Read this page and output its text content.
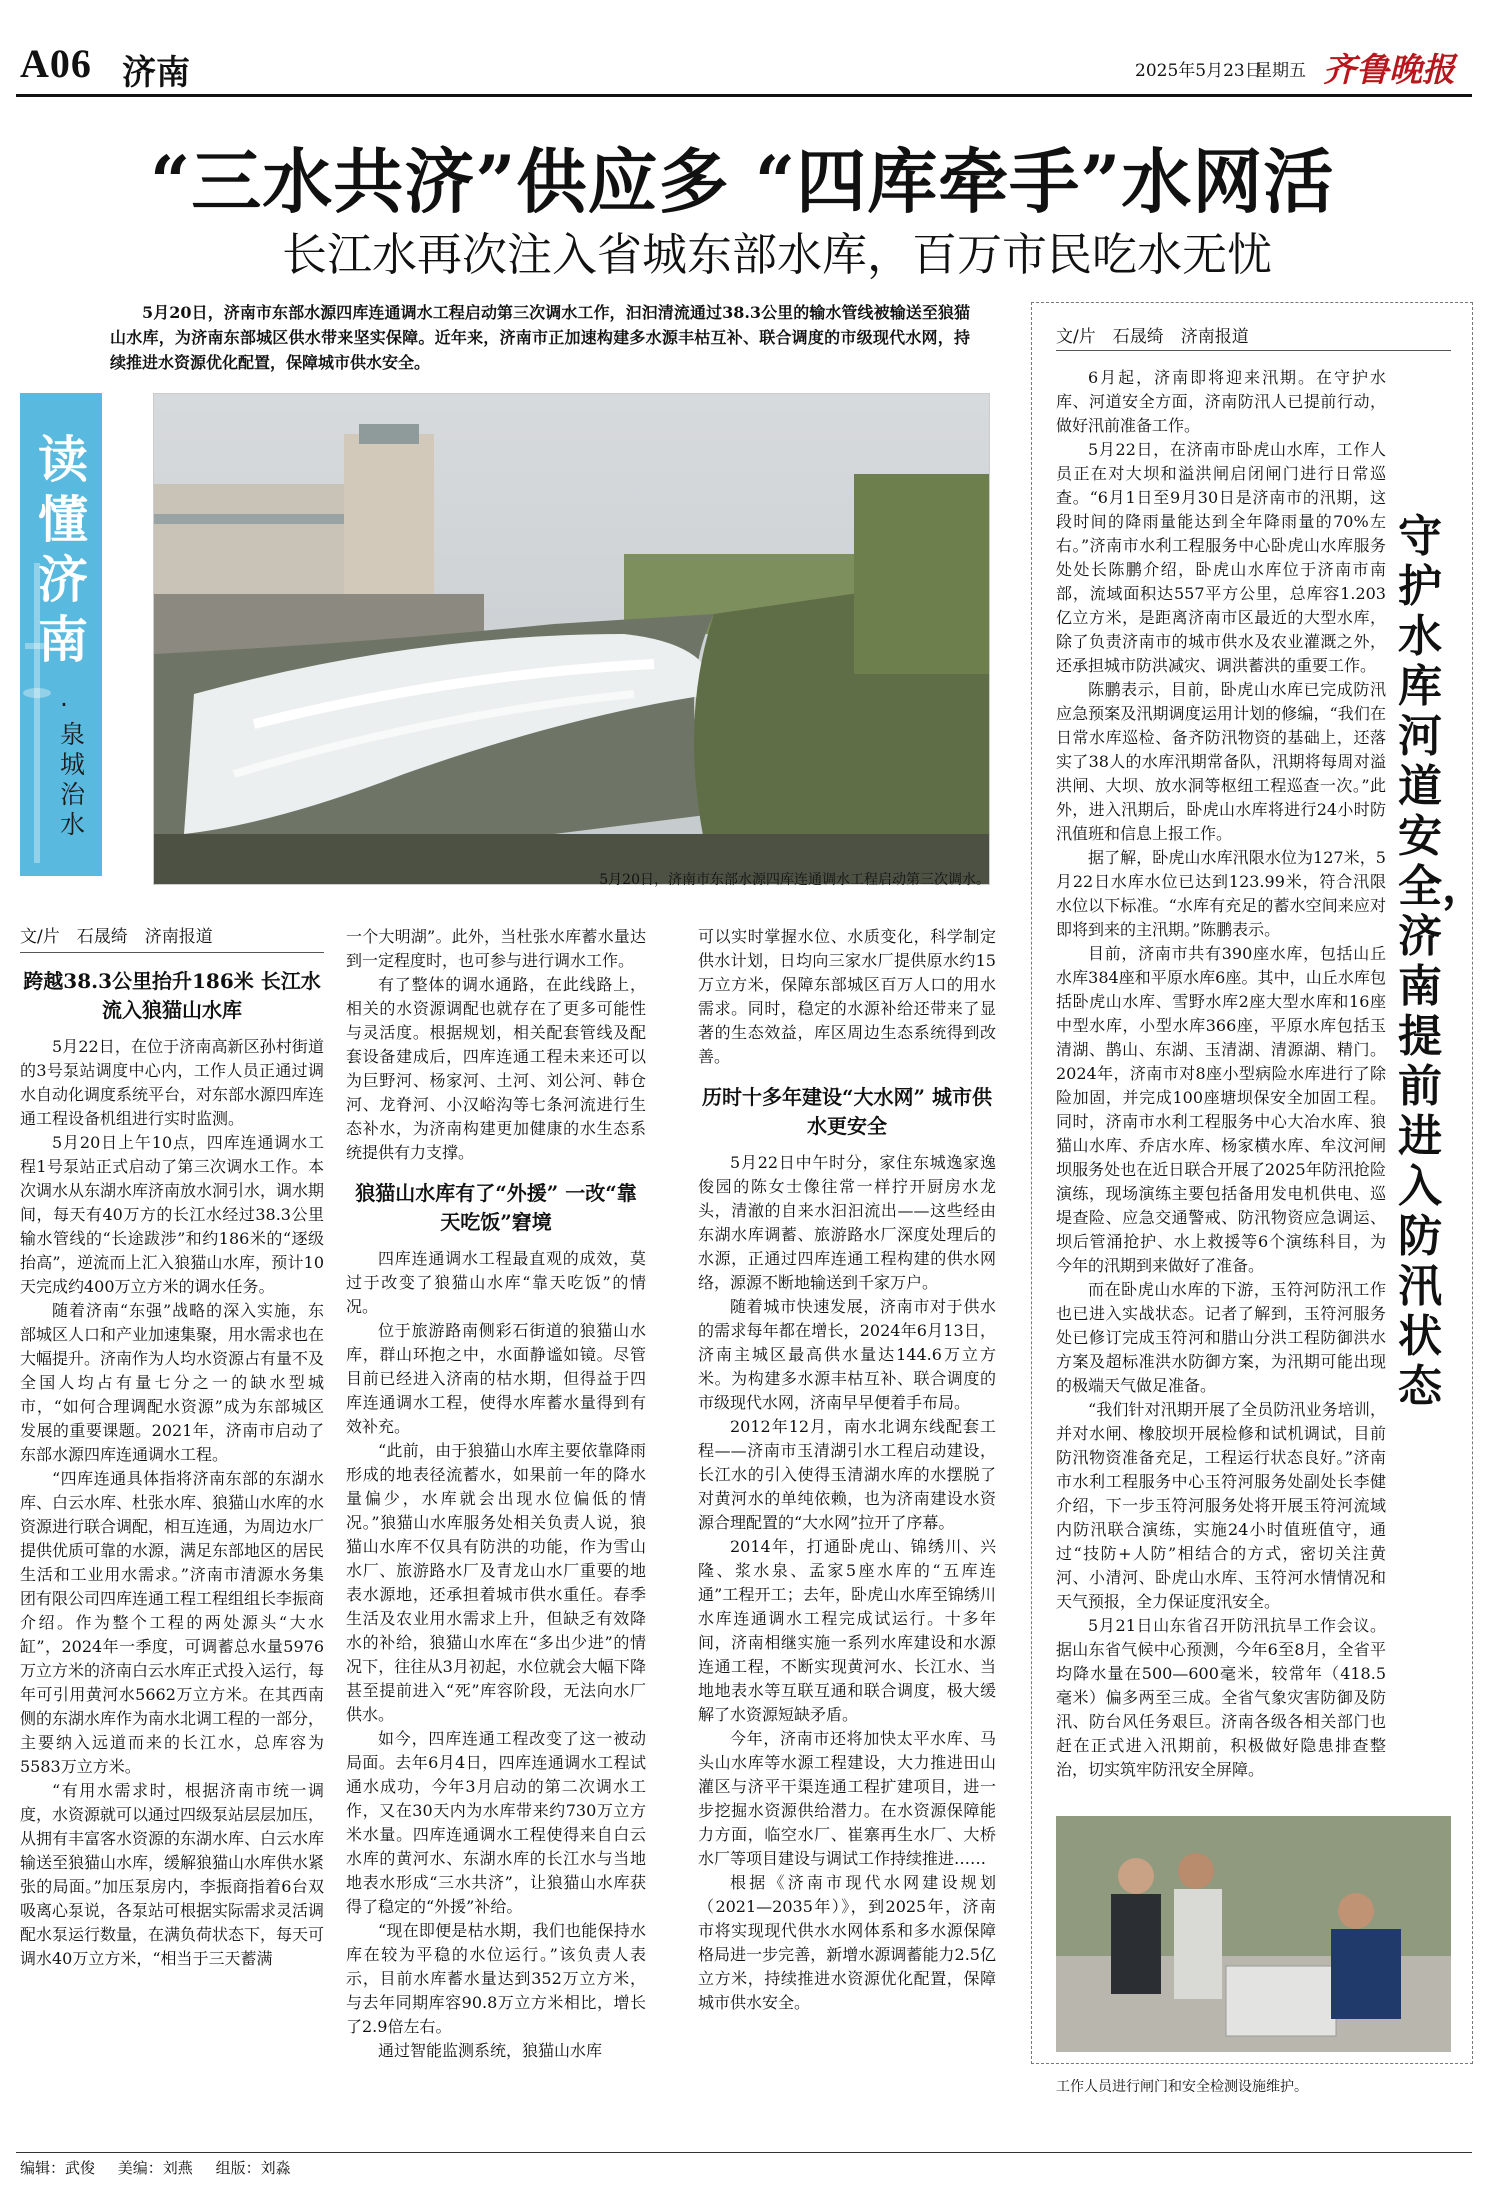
A06 济南	2025年5月23日
星期五 齐鲁晚报
“三水共济”供应多 “四库牵手”水网活
长江水再次注入省城东部水库，百万市民吃水无忧

5月20日，济南市东部水源四库连通调水工程启动第三次调水工作，汩汩清流通过38.3公里的输水管线被输送至狼猫山水库，为济南东部城区供水带来坚实保障。近年来，济南市正加速构建多水源丰枯互补、联合调度的市级现代水网，持续推进水资源优化配置，保障城市供水安全。

读懂济南
·泉城治水
5月20日，济南市东部水源四库连通调水工程启动第三次调水。
文/片　石晟绮　济南报道
跨越38.3公里抬升186米 长江水流入狼猫山水库

5月22日，在位于济南高新区孙村街道的3号泵站调度中心内，工作人员正通过调水自动化调度系统平台，对东部水源四库连通工程设备机组进行实时监测。

5月20日上午10点，四库连通调水工程1号泵站正式启动了第三次调水工作。本次调水从东湖水库济南放水洞引水，调水期间，每天有40万方的长江水经过38.3公里输水管线的“长途跋涉”和约186米的“逐级抬高”，逆流而上汇入狼猫山水库，预计10天完成约400万立方米的调水任务。

随着济南“东强”战略的深入实施，东部城区人口和产业加速集聚，用水需求也在大幅提升。济南作为人均水资源占有量不及全国人均占有量七分之一的缺水型城市，“如何合理调配水资源”成为东部城区发展的重要课题。2021年，济南市启动了东部水源四库连通调水工程。

“四库连通具体指将济南东部的东湖水库、白云水库、杜张水库、狼猫山水库的水资源进行联合调配，相互连通，为周边水厂提供优质可靠的水源，满足东部地区的居民生活和工业用水需求。”济南市清源水务集团有限公司四库连通工程工程组组长李振商介绍。作为整个工程的两处源头“大水缸”，2024年一季度，可调蓄总水量5976万立方米的济南白云水库正式投入运行，每年可引用黄河水5662万立方米。在其西南侧的东湖水库作为南水北调工程的一部分，主要纳入远道而来的长江水，总库容为5583万立方米。

“有用水需求时，根据济南市统一调度，水资源就可以通过四级泵站层层加压，从拥有丰富客水资源的东湖水库、白云水库输送至狼猫山水库，缓解狼猫山水库供水紧张的局面。”加压泵房内，李振商指着6台双吸离心泵说，各泵站可根据实际需求灵活调配水泵运行数量，在满负荷状态下，每天可调水40万立方米，“相当于三天蓄满

一个大明湖”。此外，当杜张水库蓄水量达到一定程度时，也可参与进行调水工作。

有了整体的调水通路，在此线路上，相关的水资源调配也就存在了更多可能性与灵活度。根据规划，相关配套管线及配套设备建成后，四库连通工程未来还可以为巨野河、杨家河、土河、刘公河、韩仓河、龙脊河、小汉峪沟等七条河流进行生态补水，为济南构建更加健康的水生态系统提供有力支撑。

狼猫山水库有了“外援” 一改“靠天吃饭”窘境

四库连通调水工程最直观的成效，莫过于改变了狼猫山水库“靠天吃饭”的情况。

位于旅游路南侧彩石街道的狼猫山水库，群山环抱之中，水面静谧如镜。尽管目前已经进入济南的枯水期，但得益于四库连通调水工程，使得水库蓄水量得到有效补充。

“此前，由于狼猫山水库主要依靠降雨形成的地表径流蓄水，如果前一年的降水量偏少，水库就会出现水位偏低的情况。”狼猫山水库服务处相关负责人说，狼猫山水库不仅具有防洪的功能，作为雪山水厂、旅游路水厂及青龙山水厂重要的地表水源地，还承担着城市供水重任。春季生活及农业用水需求上升，但缺乏有效降水的补给，狼猫山水库在“多出少进”的情况下，往往从3月初起，水位就会大幅下降甚至提前进入“死”库容阶段，无法向水厂供水。

如今，四库连通工程改变了这一被动局面。去年6月4日，四库连通调水工程试通水成功，今年3月启动的第二次调水工作，又在30天内为水库带来约730万立方米水量。四库连通调水工程使得来自白云水库的黄河水、东湖水库的长江水与当地地表水形成“三水共济”，让狼猫山水库获得了稳定的“外援”补给。

“现在即便是枯水期，我们也能保持水库在较为平稳的水位运行。”该负责人表示，目前水库蓄水量达到352万立方米，与去年同期库容90.8万立方米相比，增长了2.9倍左右。

通过智能监测系统，狼猫山水库

可以实时掌握水位、水质变化，科学制定供水计划，日均向三家水厂提供原水约15万立方米，保障东部城区百万人口的用水需求。同时，稳定的水源补给还带来了显著的生态效益，库区周边生态系统得到改善。

历时十多年建设“大水网” 城市供水更安全

5月22日中午时分，家住东城逸家逸俊园的陈女士像往常一样拧开厨房水龙头，清澈的自来水汩汩流出——这些经由东湖水库调蓄、旅游路水厂深度处理后的水源，正通过四库连通工程构建的供水网络，源源不断地输送到千家万户。

随着城市快速发展，济南市对于供水的需求每年都在增长，2024年6月13日，济南主城区最高供水量达144.6万立方米。为构建多水源丰枯互补、联合调度的市级现代水网，济南早早便着手布局。

2012年12月，南水北调东线配套工程——济南市玉清湖引水工程启动建设，长江水的引入使得玉清湖水库的水摆脱了对黄河水的单纯依赖，也为济南建设水资源合理配置的“大水网”拉开了序幕。

2014年，打通卧虎山、锦绣川、兴隆、浆水泉、孟家5座水库的“五库连通”工程开工；去年，卧虎山水库至锦绣川水库连通调水工程完成试运行。十多年间，济南相继实施一系列水库建设和水源连通工程，不断实现黄河水、长江水、当地地表水等互联互通和联合调度，极大缓解了水资源短缺矛盾。

今年，济南市还将加快太平水库、马头山水库等水源工程建设，大力推进田山灌区与济平干渠连通工程扩建项目，进一步挖掘水资源供给潜力。在水资源保障能力方面，临空水厂、崔寨再生水厂、大桥水厂等项目建设与调试工作持续推进……

根据《济南市现代水网建设规划（2021—2035年）》，到2025年，济南市将实现现代供水水网体系和多水源保障格局进一步完善，新增水源调蓄能力2.5亿立方米，持续推进水资源优化配置，保障城市供水安全。

文/片　石晟绮　济南报道
守护水库河道安全，济南提前进入防汛状态

6月起，济南即将迎来汛期。在守护水库、河道安全方面，济南防汛人已提前行动，做好汛前准备工作。

5月22日，在济南市卧虎山水库，工作人员正在对大坝和溢洪闸启闭闸门进行日常巡查。“6月1日至9月30日是济南市的汛期，这段时间的降雨量能达到全年降雨量的70%左右。”济南市水利工程服务中心卧虎山水库服务处处长陈鹏介绍，卧虎山水库位于济南市南部，流域面积达557平方公里，总库容1.203亿立方米，是距离济南市区最近的大型水库，除了负责济南市的城市供水及农业灌溉之外，还承担城市防洪减灾、调洪蓄洪的重要工作。

陈鹏表示，目前，卧虎山水库已完成防汛应急预案及汛期调度运用计划的修编，“我们在日常水库巡检、备齐防汛物资的基础上，还落实了38人的水库汛期常备队，汛期将每周对溢洪闸、大坝、放水洞等枢纽工程巡查一次。”此外，进入汛期后，卧虎山水库将进行24小时防汛值班和信息上报工作。

据了解，卧虎山水库汛限水位为127米，5月22日水库水位已达到123.99米，符合汛限水位以下标准。“水库有充足的蓄水空间来应对即将到来的主汛期。”陈鹏表示。

目前，济南市共有390座水库，包括山丘水库384座和平原水库6座。其中，山丘水库包括卧虎山水库、雪野水库2座大型水库和16座中型水库，小型水库366座，平原水库包括玉清湖、鹊山、东湖、玉清湖、清源湖、精门。2024年，济南市对8座小型病险水库进行了除险加固，并完成100座塘坝保安全加固工程。同时，济南市水利工程服务中心大冶水库、狼猫山水库、乔店水库、杨家横水库、牟汶河闸坝服务处也在近日联合开展了2025年防汛抢险演练，现场演练主要包括备用发电机供电、巡堤查险、应急交通警戒、防汛物资应急调运、坝后管涌抢护、水上救援等6个演练科目，为今年的汛期到来做好了准备。

而在卧虎山水库的下游，玉符河防汛工作也已进入实战状态。记者了解到，玉符河服务处已修订完成玉符河和腊山分洪工程防御洪水方案及超标准洪水防御方案，为汛期可能出现的极端天气做足准备。

“我们针对汛期开展了全员防汛业务培训，并对水闸、橡胶坝开展检修和试机调试，目前防汛物资准备充足，工程运行状态良好。”济南市水利工程服务中心玉符河服务处副处长李健介绍，下一步玉符河服务处将开展玉符河流域内防汛联合演练，实施24小时值班值守，通过“技防+人防”相结合的方式，密切关注黄河、小清河、卧虎山水库、玉符河水情情况和天气预报，全力保证度汛安全。

5月21日山东省召开防汛抗旱工作会议。据山东省气候中心预测，今年6至8月，全省平均降水量在500—600毫米，较常年（418.5毫米）偏多两至三成。全省气象灾害防御及防汛、防台风任务艰巨。济南各级各相关部门也赶在正式进入汛期前，积极做好隐患排查整治，切实筑牢防汛安全屏障。

工作人员进行闸门和安全检测设施维护。
编辑：武俊 美编：刘燕 组版：刘淼
